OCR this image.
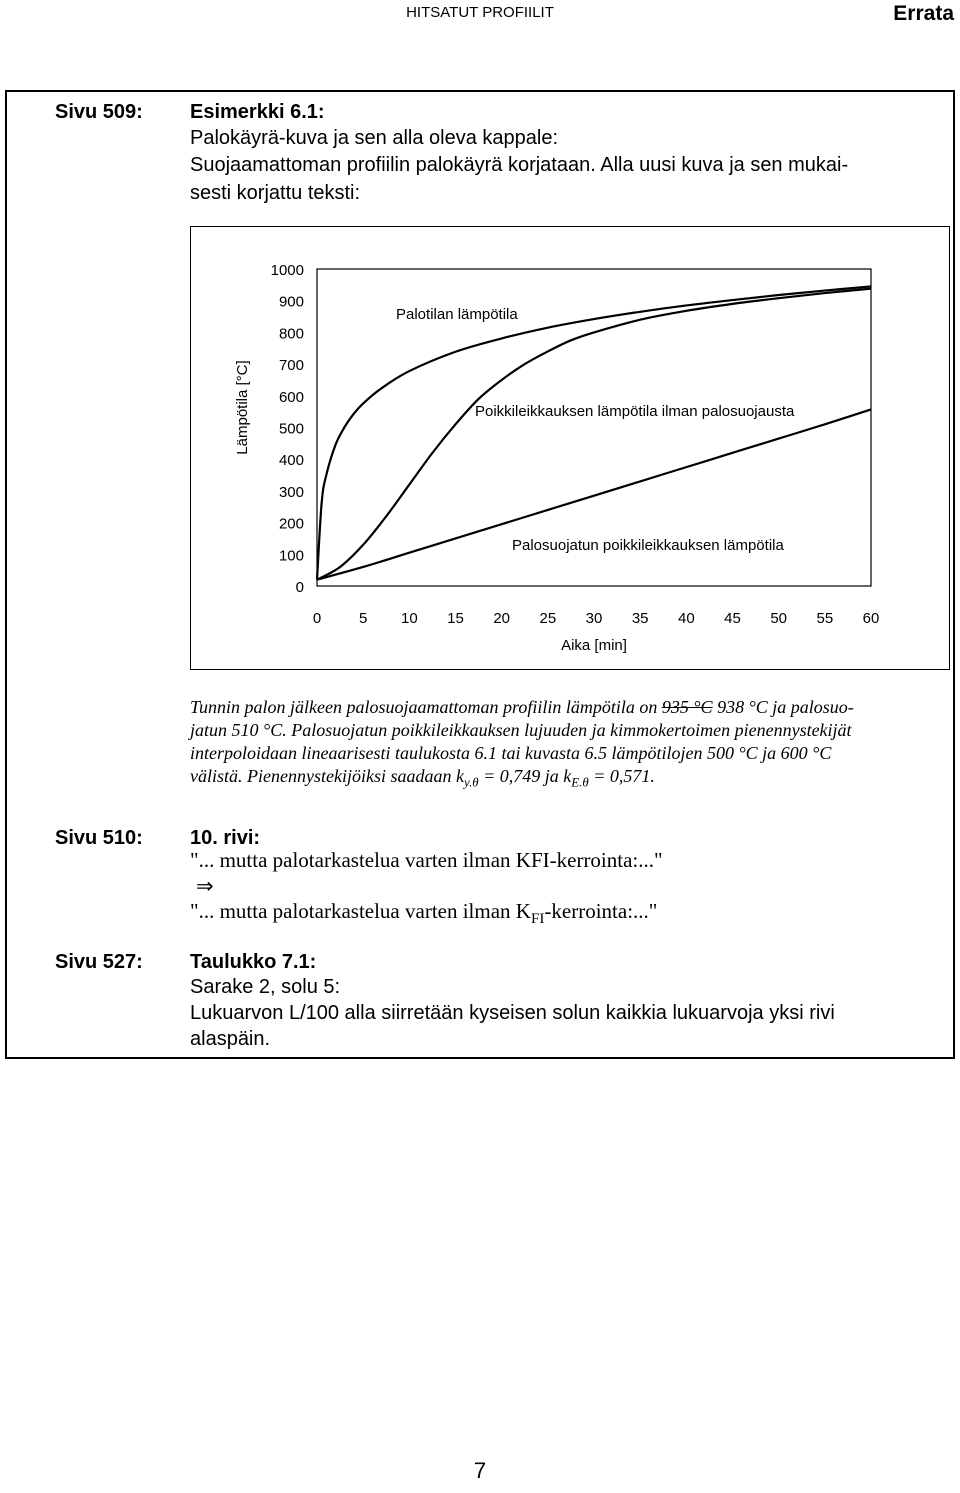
HITSATUT PROFIILIT	Errata
Sivu 509: Esimerkki 6.1:
Palokäyrä-kuva ja sen alla oleva kappale:
Suojaamattoman profiilin palokäyrä korjataan. Alla uusi kuva ja sen mukai-
sesti korjattu teksti:
Aika [min]
Lämpötila [°C]
0
100
200
300
400
500
600
700
800
900
1000
0	5 10 15 20 25 30 35 40 45 50 55 60
Palotilan lämpötila
Poikkileikkauksen lämpötila ilman palosuojausta
Palosuojatun poikkileikkauksen lämpötila
Tunnin palon jälkeen palosuojaamattoman profiilin lämpötila on 935 °C 938 °C ja palosuo-
jatun 510 °C. Palosuojatun poikkileikkauksen lujuuden ja kimmokertoimen pienennystekijät
interpoloidaan lineaarisesti taulukosta 6.1 tai kuvasta 6.5 lämpötilojen 500 °C ja 600 °C
välistä. Pienennystekijöiksi saadaan $k_{y.\theta} = 0,749$ ja $k_{E.\theta} = 0,571$.
Sivu 510: 10. rivi:
"... mutta palotarkastelua varten ilman KFI-kerrointa:..."
⇒
"... mutta palotarkastelua varten ilman $K_{FI}$-kerrointa:..."
Sivu 527: Taulukko 7.1:
Sarake 2, solu 5:
Lukuarvon L/100 alla siirretään kyseisen solun kaikkia lukuarvoja yksi rivi
alaspäin.
7
